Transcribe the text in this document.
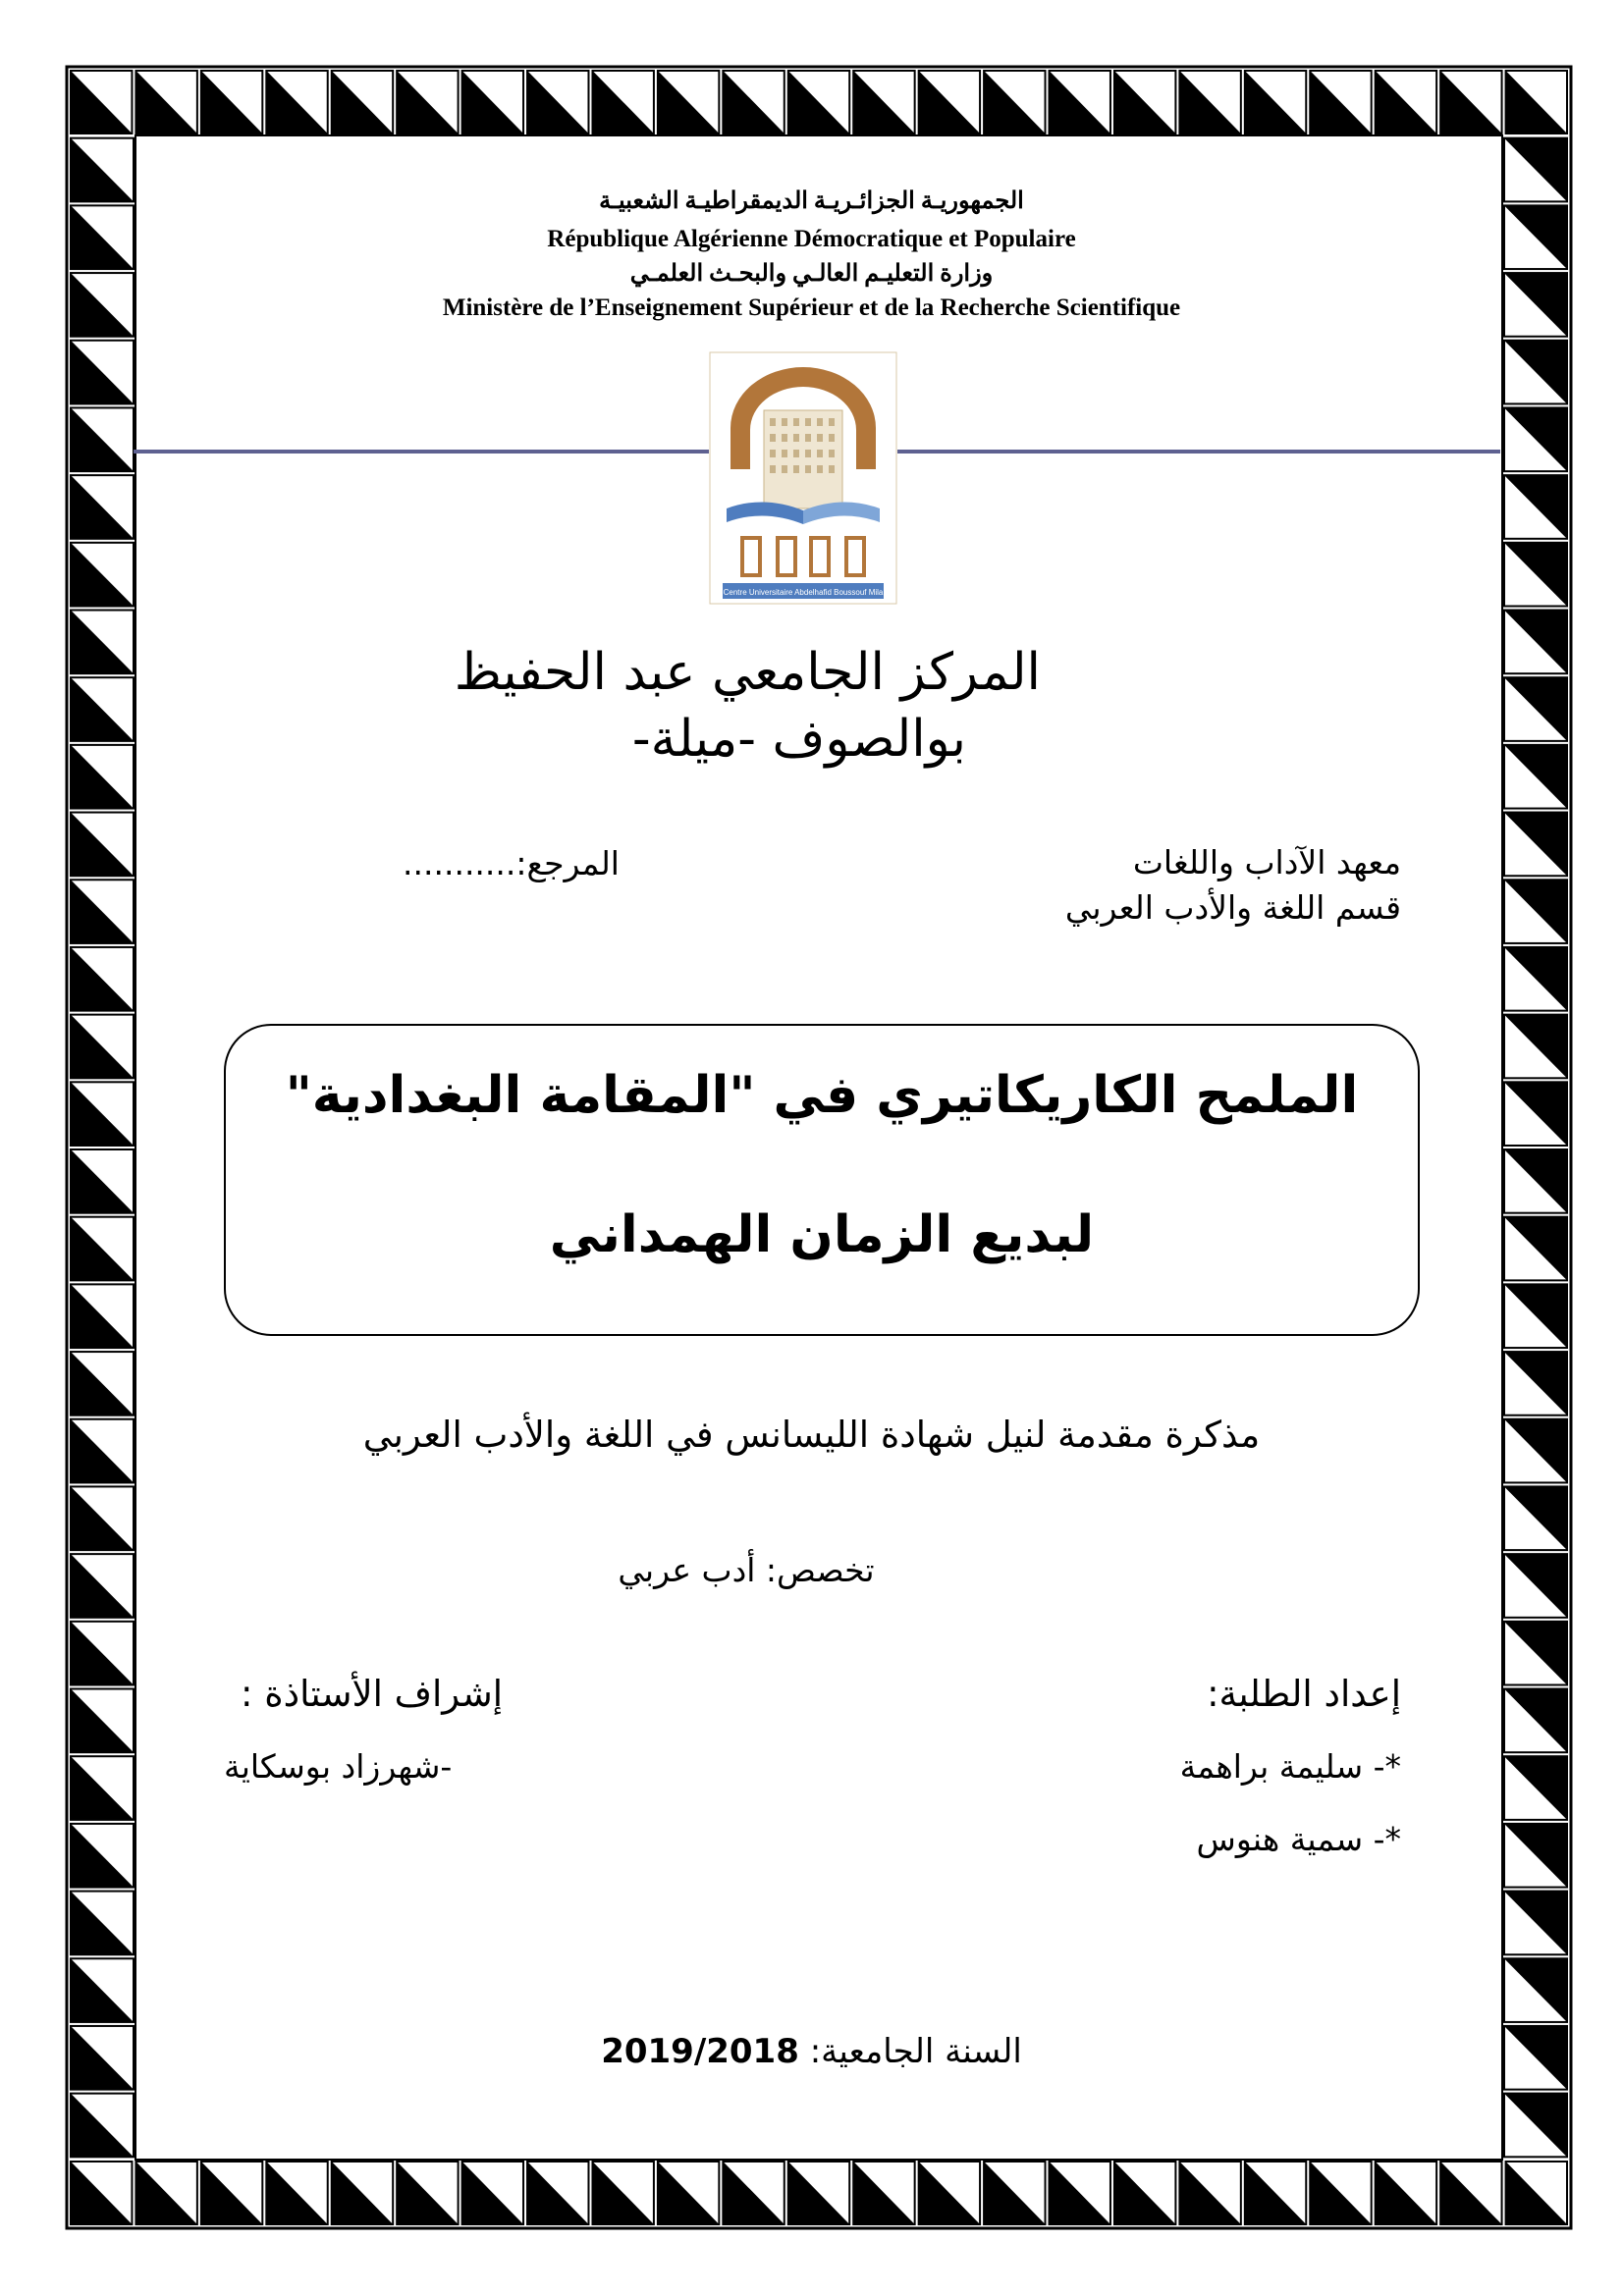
الجمهوريـة الجزائـريـة الديمقراطيـة الشعبيـة

République Algérienne Démocratique et Populaire

وزارة التعليـم العالـي والبحـث العلمـي

Ministère de l’Enseignement Supérieur et de la Recherche Scientifique

Centre Universitaire Abdelhafid Boussouf Mila
المركز الجامعي عبد الحفيظ
بوالصوف -ميلة-
معهد الآداب واللغات
قسم اللغة والأدب العربي
المرجع:...........
الملمح الكاريكاتيري في "المقامة البغدادية"
لبديع الزمان الهمداني
مذكرة مقدمة لنيل شهادة الليسانس في اللغة والأدب العربي
تخصص: أدب عربي
إعداد الطلبة:
*- سليمة براهمة
*- سمية هنوس
إشراف الأستاذة :
-شهرزاد بوسكاية
السنة الجامعية: 2019/2018
